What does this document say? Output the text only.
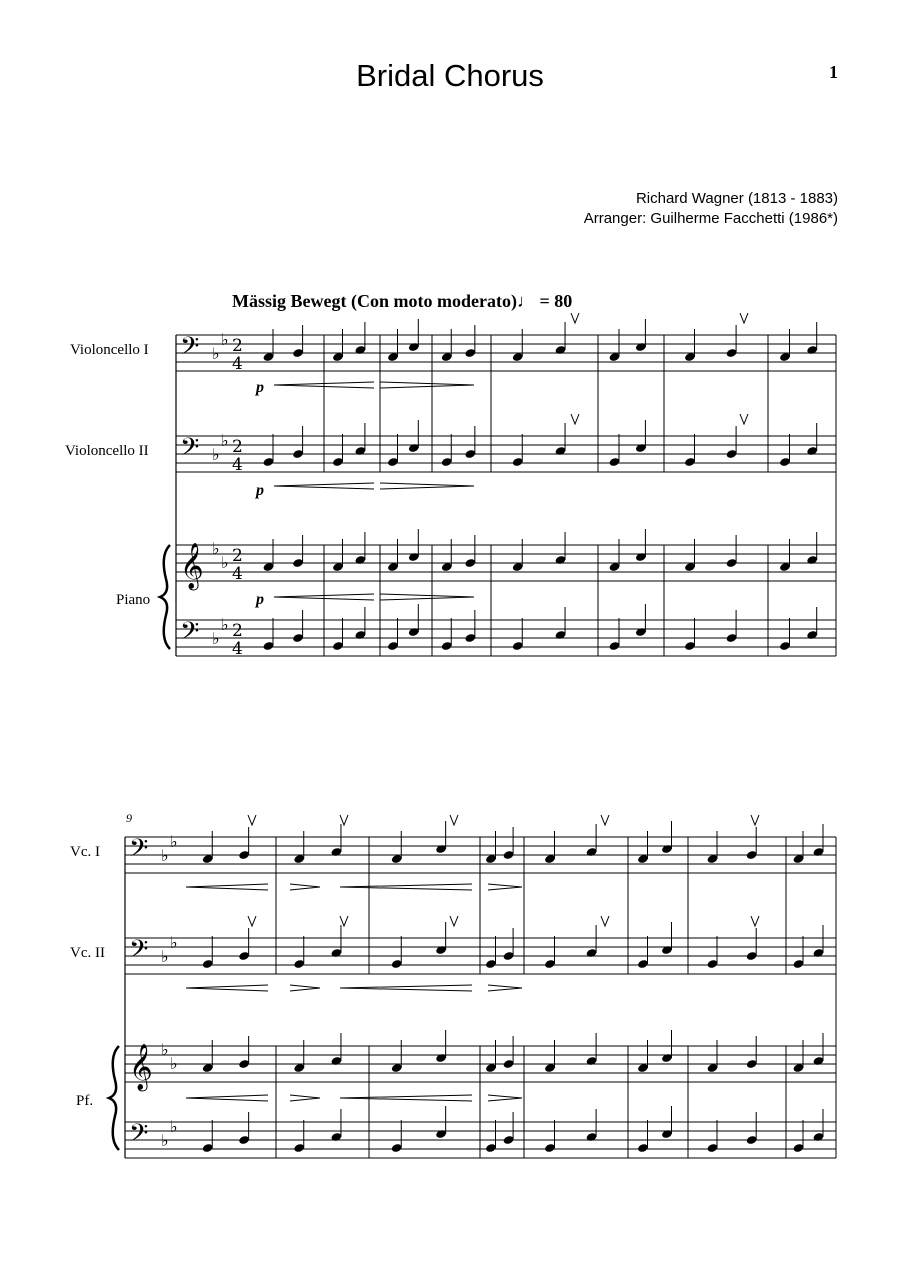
1
Bridal Chorus
Richard Wagner (1813 - 1883)
Arranger: Guilherme Facchetti (1986*)
Mässig Bewegt (Con moto moderato)♩ = 80
Violoncello I
Violoncello II
Piano
𝄢 ♭
♭ 2
4
𝄢 ♭
♭ 2
4
𝄞 ♭
♭ 2
4
𝄢 ♭
♭ 2
4
p
p
p
9
Vc. I
Vc. II
Pf.
𝄢 ♭
♭
𝄢 ♭
♭
𝄞 ♭
♭
𝄢 ♭
♭
